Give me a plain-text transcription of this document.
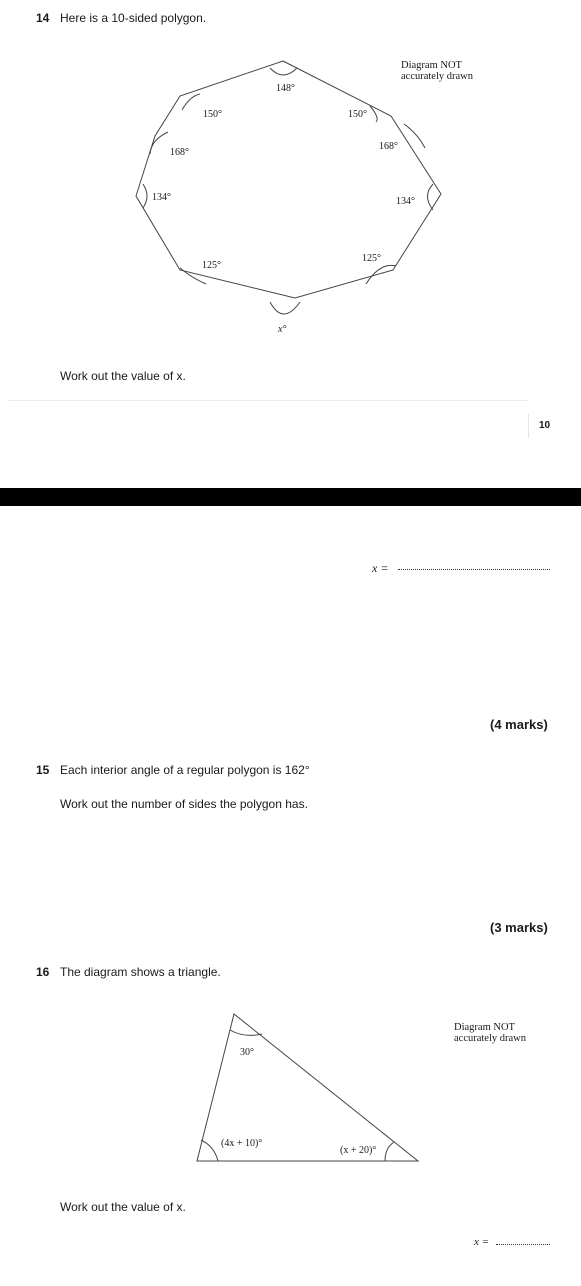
14 Here is a 10-sided polygon.
Diagram NOT
accurately drawn
148°
150°	150°
168°
168°
134°	134°
125°
125°
x°
Work out the value of x.
10
x =
(4 marks)
15 Each interior angle of a regular polygon is 162°
Work out the number of sides the polygon has.
(3 marks)
16 The diagram shows a triangle.
Diagram NOT
accurately drawn
30°
(4x + 10)°
(x + 20)°
Work out the value of x.
x =
